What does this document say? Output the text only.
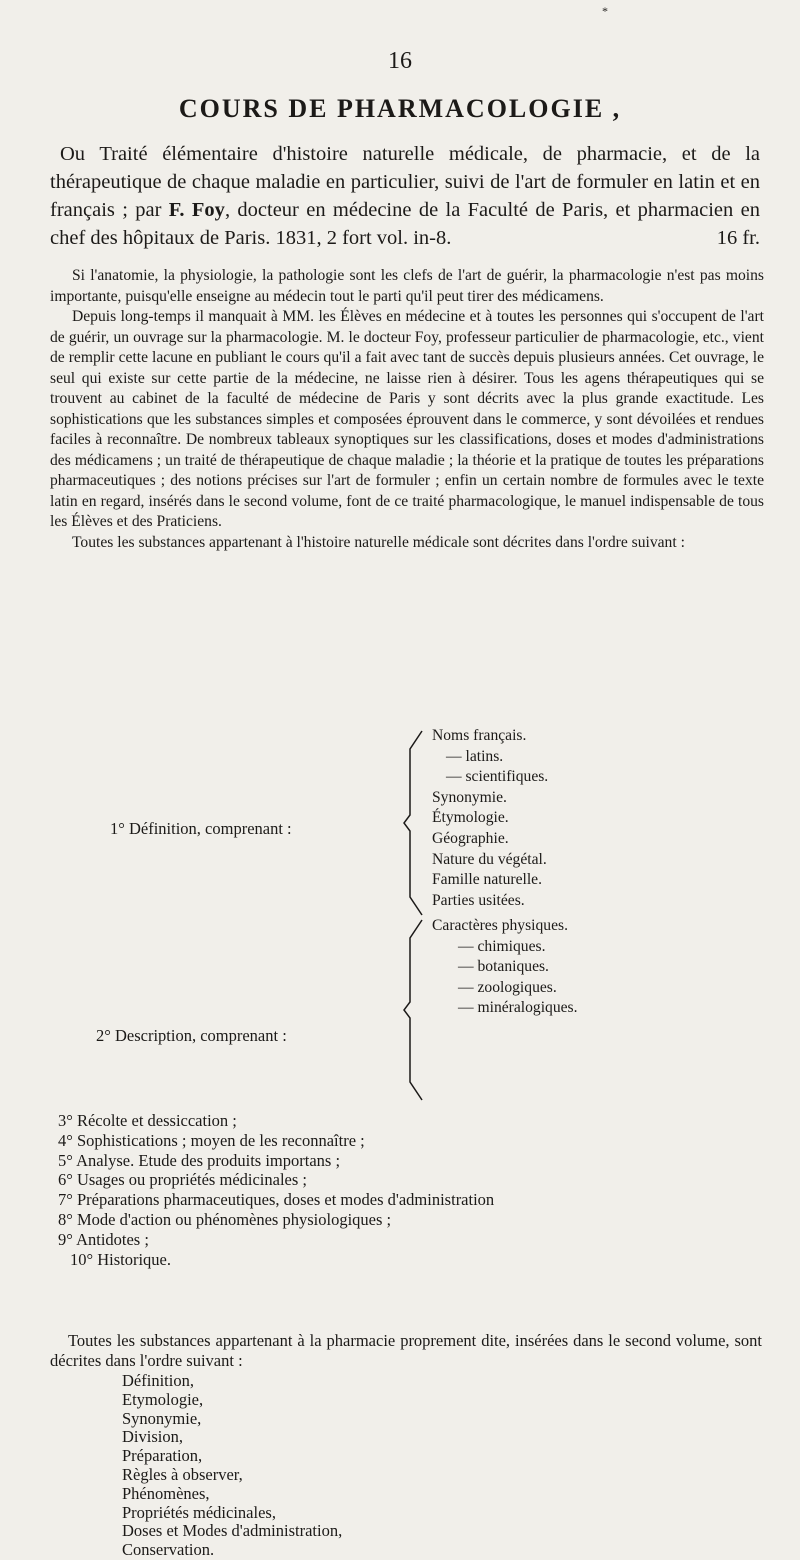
*
16
COURS DE PHARMACOLOGIE ,

Ou Traité élémentaire d'histoire naturelle médicale, de pharmacie, et de la thérapeutique de chaque maladie en particulier, suivi de l'art de formuler en latin et en français ; par F. Foy, docteur en médecine de la Faculté de Paris, et pharmacien en chef des hôpitaux de Paris. 1831, 2 fort vol. in-8.	16 fr.

Si l'anatomie, la physiologie, la pathologie sont les clefs de l'art de guérir, la pharmacologie n'est pas moins importante, puisqu'elle enseigne au médecin tout le parti qu'il peut tirer des médicamens.

Depuis long-temps il manquait à MM. les Élèves en médecine et à toutes les personnes qui s'occupent de l'art de guérir, un ouvrage sur la pharmacologie. M. le docteur Foy, professeur particulier de pharmacologie, etc., vient de remplir cette lacune en publiant le cours qu'il a fait avec tant de succès depuis plusieurs années. Cet ouvrage, le seul qui existe sur cette partie de la médecine, ne laisse rien à désirer. Tous les agens thérapeutiques qui se trouvent au cabinet de la faculté de médecine de Paris y sont décrits avec la plus grande exactitude. Les sophistications que les substances simples et composées éprouvent dans le commerce, y sont dévoilées et rendues faciles à reconnaître. De nombreux tableaux synoptiques sur les classifications, doses et modes d'administrations des médicamens ; un traité de thérapeutique de chaque maladie ; la théorie et la pratique de toutes les préparations pharmaceutiques ; des notions précises sur l'art de formuler ; enfin un certain nombre de formules avec le texte latin en regard, insérés dans le second volume, font de ce traité pharmacologique, le manuel indispensable de tous les Élèves et des Praticiens.

Toutes les substances appartenant à l'histoire naturelle médicale sont décrites dans l'ordre suivant :

1° Définition, comprenant :
Noms français.
— latins.
— scientifiques.
Synonymie.
Étymologie.
Géographie.
Nature du végétal.
Famille naturelle.
Parties usitées.
2° Description, comprenant :
Caractères physiques.
— chimiques.
— botaniques.
— zoologiques.
— minéralogiques.
3° Récolte et dessiccation ;
4° Sophistications ; moyen de les reconnaître ;
5° Analyse. Etude des produits importans ;
6° Usages ou propriétés médicinales ;
7° Préparations pharmaceutiques, doses et modes d'administration
8° Mode d'action ou phénomènes physiologiques ;
9° Antidotes ;
10° Historique.

Toutes les substances appartenant à la pharmacie proprement dite, insérées dans le second volume, sont décrites dans l'ordre suivant :

Définition,
Etymologie,
Synonymie,
Division,
Préparation,
Règles à observer,
Phénomènes,
Propriétés médicinales,
Doses et Modes d'administration,
Conservation.
